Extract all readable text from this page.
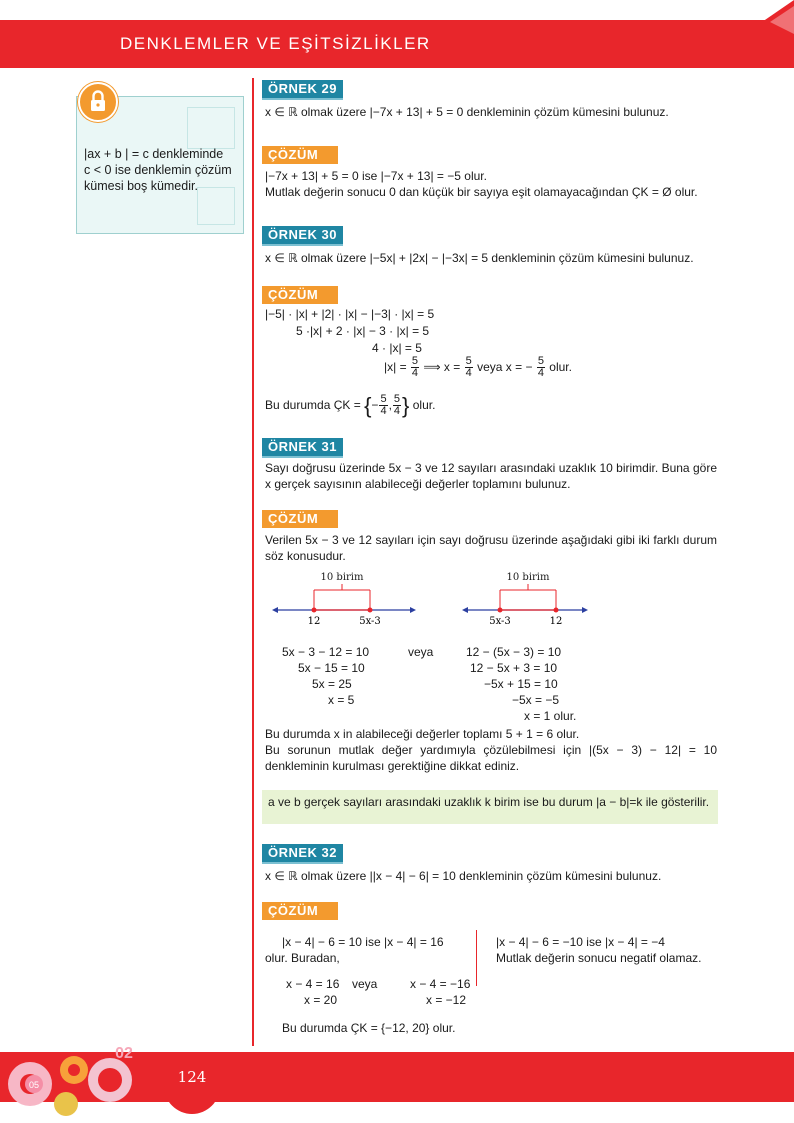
DENKLEMLER VE EŞİTSİZLİKLER
|ax + b | = c denkleminde
c < 0 ise denklemin çözüm
kümesi boş kümedir.
ÖRNEK 29
x ∈ ℝ olmak üzere |−7x + 13| + 5 = 0 denkleminin çözüm kümesini bulunuz.
ÇÖZÜM
|−7x + 13| + 5 = 0 ise |−7x + 13| = −5 olur.
Mutlak değerin sonucu 0 dan küçük bir sayıya eşit olamayacağından ÇK = Ø olur.
ÖRNEK 30
x ∈ ℝ olmak üzere |−5x| + |2x| − |−3x| = 5 denkleminin çözüm kümesini bulunuz.
ÇÖZÜM
|−5| · |x| + |2| · |x| − |−3| · |x| = 5
5 ·|x| + 2 · |x| − 3 · |x| = 5
4 · |x| = 5
$|x| = \frac{5}{4}$ ⟹ $x = \frac{5}{4}$ veya x = − $\frac{5}{4}$ olur.
Bu durumda ÇK = {− $\frac{5}{4}$ , $\frac{5}{4}$ } olur.
ÖRNEK 31
Sayı doğrusu üzerinde 5x − 3 ve 12 sayıları arasındaki uzaklık 10 birimdir. Buna göre x gerçek sayısının alabileceği değerler toplamını bulunuz.
ÇÖZÜM
Verilen 5x − 3 ve 12 sayıları için sayı doğrusu üzerinde aşağıdaki gibi iki farklı durum söz konusudur.
10 birim
12	5x-3
10 birim
5x-3	12
5x − 3 − 12 = 10
5x − 15 = 10
5x = 25
x = 5
veya	12 − (5x − 3) = 10
12 − 5x + 3 = 10
−5x + 15 = 10
−5x = −5
x = 1 olur.
Bu durumda x in alabileceği değerler toplamı 5 + 1 = 6 olur.
Bu sorunun mutlak değer yardımıyla çözülebilmesi için |(5x − 3) − 12| = 10 denkleminin kurulması gerektiğine dikkat ediniz.
a ve b gerçek sayıları arasındaki uzaklık k birim ise bu durum |a − b|=k ile gösterilir.
ÖRNEK 32
x ∈ ℝ olmak üzere ||x − 4| − 6| = 10 denkleminin çözüm kümesini bulunuz.
ÇÖZÜM
|x − 4| − 6 = 10 ise |x − 4| = 16
olur. Buradan,
x − 4 = 16
x = 20
veya	x − 4 = −16
x = −12
|x − 4| − 6 = −10 ise |x − 4| = −4
Mutlak değerin sonucu negatif olamaz.
Bu durumda ÇK = {−12, 20} olur.
05
02
124
